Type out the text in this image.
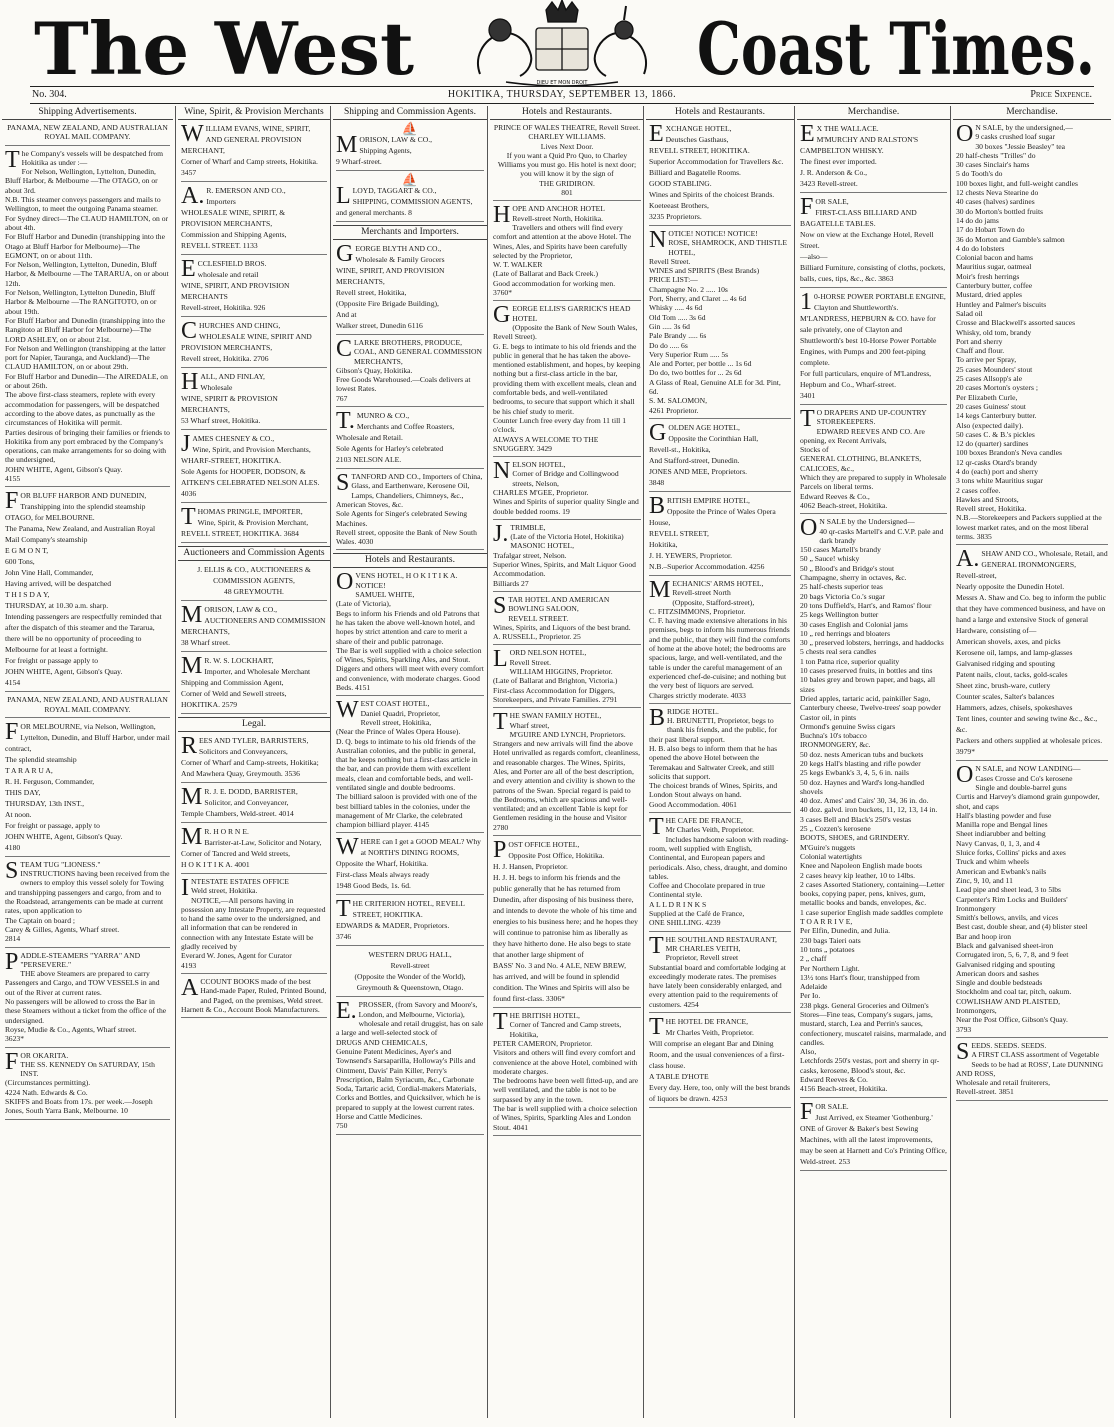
The West	Coast Times.
DIEU ET MON DROIT
No. 304.	HOKITIKA, THURSDAY, SEPTEMBER 13, 1866.	Price Sixpence.
Shipping Advertisements.
PANAMA, NEW ZEALAND, AND AUSTRALIAN ROYAL MAIL COMPANY.
The Company's vessels will be despatched from Hokitika as under :—
For Nelson, Wellington, Lyttelton, Dunedin, Bluff Harbor, & Melbourne —The OTAGO, on or about 3rd.
N.B. This steamer conveys passengers and mails to Wellington, to meet the outgoing Panama steamer.
For Sydney direct—The CLAUD HAMILTON, on or about 4th.
For Bluff Harbor and Dunedin (transhipping into the Otago at Bluff Harbor for Melbourne)—The EGMONT, on or about 11th.
For Nelson, Wellington, Lyttelton, Dunedin, Bluff Harbor, & Melbourne —The TARARUA, on or about 12th.
For Nelson, Wellington, Lyttelton Dunedin, Bluff Harbor & Melbourne —The RANGITOTO, on or about 19th.
For Bluff Harbor and Dunedin (transhipping into the Rangitoto at Bluff Harbor for Melbourne)—The LORD ASHLEY, on or about 21st.
For Nelson and Wellington (transhipping at the latter port for Napier, Tauranga, and Auckland)—The CLAUD HAMILTON, on or about 29th.
For Bluff Harbor and Dunedin—The AIREDALE, on or about 26th.
The above first-class steamers, replete with every accommodation for passengers, will be despatched according to the above dates, as punctually as the circumstances of Hokitika will permit.
Parties desirous of bringing their families or friends to Hokitika from any port embraced by the Company's operations, can make arrangements for so doing with the undersigned,
JOHN WHITE, Agent, Gibson's Quay.
4155
FOR BLUFF HARBOR AND DUNEDIN,
Transhipping into the splendid steamship OTAGO, for MELBOURNE.
The Panama, New Zealand, and Australian Royal Mail Company's steamship
E G M O N T,
600 Tons,
John Vine Hall, Commander,
Having arrived, will be despatched
T H I S D A Y,
THURSDAY, at 10.30 a.m. sharp.
Intending passengers are respectfully reminded that after the dispatch of this steamer and the Tararua, there will be no opportunity of proceeding to Melbourne for at least a fortnight.
For freight or passage apply to
JOHN WHITE, Agent, Gibson's Quay.
4154
PANAMA, NEW ZEALAND, AND AUSTRALIAN ROYAL MAIL COMPANY.
FOR MELBOURNE, via Nelson, Wellington, Lyttelton, Dunedin, and Bluff Harbor, under mail contract,
The splendid steamship
T A R A R U A,
R. H. Ferguson, Commander,
THIS DAY,
THURSDAY, 13th INST.,
At noon.
For freight or passage, apply to
JOHN WHITE, Agent, Gibson's Quay.
4180
STEAM TUG "LIONESS."
INSTRUCTIONS having been received from the owners to employ this vessel solely for Towing and transhipping passengers and cargo, from and to the Roadstead, arrangements can be made at current rates, upon application to
The Captain on board ;
Carey & Gilles, Agents, Wharf street.
2814
PADDLE-STEAMERS "YARRA" AND "PERSEVERE."
THE above Steamers are prepared to carry Passengers and Cargo, and TOW VESSELS in and out of the River at current rates.
No passengers will be allowed to cross the Bar in these Steamers without a ticket from the office of the undersigned.
Royse, Mudie & Co., Agents, Wharf street.
3623*
FOR OKARITA.
THE SS. KENNEDY On SATURDAY, 15th INST.
(Circumstances permitting).
4224 Nath. Edwards & Co.
SKIFFS and Boats from 17s. per week.—Joseph Jones, South Yarra Bank, Melbourne. 10
Wine, Spirit, & Provision Merchants
WILLIAM EVANS, WINE, SPIRIT, AND GENERAL PROVISION MERCHANT,
Corner of Wharf and Camp streets, Hokitika. 3457
A.R. EMERSON AND CO.,
Importers
WHOLESALE WINE, SPIRIT, & PROVISION MERCHANTS,
Commission and Shipping Agents,
REVELL STREET. 1133
ECCLESFIELD BROS.
wholesale and retail
WINE, SPIRIT, AND PROVISION MERCHANTS
Revell-street, Hokitika. 926
CHURCHES AND CHING, WHOLESALE WINE, SPIRIT AND PROVISION MERCHANTS,
Revell street, Hokitika. 2706
HALL, AND FINLAY,
Wholesale
WINE, SPIRIT & PROVISION MERCHANTS,
53 Wharf street, Hokitika.
JAMES CHESNEY & CO.,
Wine, Spirit, and Provision Merchants,
WHARF-STREET, HOKITIKA.
Sole Agents for HOOPER, DODSON, & AITKEN'S CELEBRATED NELSON ALES. 4036
THOMAS PRINGLE, IMPORTER,
Wine, Spirit, & Provision Merchant,
REVELL STREET, HOKITIKA. 3684
Auctioneers and Commission Agents
J. ELLIS & CO., AUCTIONEERS & COMMISSION AGENTS,
48 GREYMOUTH.
MORISON, LAW & CO., AUCTIONEERS AND COMMISSION MERCHANTS,
38 Wharf street.
MR. W. S. LOCKHART,
Importer, and Wholesale Merchant
Shipping and Commission Agent,
Corner of Weld and Sewell streets, HOKITIKA. 2579
Legal.
REES AND TYLER, BARRISTERS,
Solicitors and Conveyancers,
Corner of Wharf and Camp-streets, Hokitika; And Mawhera Quay, Greymouth. 3536
MR. J. E. DODD, BARRISTER,
Solicitor, and Conveyancer,
Temple Chambers, Weld-street. 4014
MR. H O R N E.
Barrister-at-Law, Solicitor and Notary,
Corner of Tancred and Weld streets,
H O K I T I K A. 4001
INTESTATE ESTATES OFFICE
Weld street, Hokitika.
NOTICE,—All persons having in possession any Intestate Property, are requested to hand the same over to the undersigned, and all information that can be rendered in connection with any Intestate Estate will be gladly received by
Everard W. Jones, Agent for Curator
4193
ACCOUNT BOOKS made of the best Hand-made Paper, Ruled, Printed Bound, and Paged, on the premises, Weld street.
Harnett & Co., Account Book Manufacturers.
Shipping and Commission Agents.
⛵
MORISON, LAW & CO.,
Shipping Agents,
9 Wharf-street.
⛵
LLOYD, TAGGART & CO.,
SHIPPING, COMMISSION AGENTS, and general merchants. 8
Merchants and Importers.
GEORGE BLYTH AND CO.,
Wholesale & Family Grocers
WINE, SPIRIT, AND PROVISION MERCHANTS,
Revell street, Hokitika,
(Opposite Fire Brigade Building),
And at
Walker street, Dunedin 6116
CLARKE BROTHERS, PRODUCE, COAL, AND GENERAL COMMISSION MERCHANTS,
Gibson's Quay, Hokitika.
Free Goods Warehoused.—Coals delivers at lowest Rates.
767
T.MUNRO & CO.,
Merchants and Coffee Roasters,
Wholesale and Retail.
Sole Agents for Harley's celebrated
2103 NELSON ALE.
STANFORD AND CO., Importers of China, Glass, and Earthenware, Kerosene Oil, Lamps, Chandeliers, Chimneys, &c., American Stoves, &c.
Sole Agents for Singer's celebrated Sewing Machines.
Revell street, opposite the Bank of New South Wales. 4030
Hotels and Restaurants.
OVENS HOTEL, H O K I T I K A.
NOTICE!
SAMUEL WHITE,
(Late of Victoria),
Begs to inform his Friends and old Patrons that he has taken the above well-known hotel, and hopes by strict attention and care to merit a share of their and public patronage.
The Bar is well supplied with a choice selection of Wines, Spirits, Sparkling Ales, and Stout.
Diggers and others will meet with every comfort and convenience, with moderate charges. Good Beds. 4151
WEST COAST HOTEL,
Daniel Quadri, Proprietor,
Revell street, Hokitika,
(Near the Prince of Wales Opera House).
D. Q. begs to intimate to his old friends of the Australian colonies, and the public in general, that he keeps nothing but a first-class article in the bar, and can provide them with excellent meals, clean and comfortable beds, and well-ventilated single and double bedrooms.
The billiard saloon is provided with one of the best billiard tables in the colonies, under the management of Mr Clarke, the celebrated champion billiard player. 4145
WHERE can I get a GOOD MEAL? Why at NORTH'S DINING ROOMS, Opposite the Wharf, Hokitika.
First-class Meals always ready
1948 Good Beds, 1s. 6d.
THE CRITERION HOTEL, REVELL STREET, HOKITIKA.
EDWARDS & MADER, Proprietors.
3746
WESTERN DRUG HALL,
Revell-street
(Opposite the Wonder of the World),
Greymouth & Queenstown, Otago.
E.PROSSER, (from Savory and Moore's, London, and Melbourne, Victoria), wholesale and retail druggist, has on sale a large and well-selected stock of
DRUGS AND CHEMICALS,
Genuine Patent Medicines, Ayer's and Townsend's Sarsaparilla, Holloway's Pills and Ointment, Davis' Pain Killer, Perry's Prescription, Balm Syriacum, &c., Carbonate Soda, Tartaric acid, Cordial-makers Materials, Corks and Bottles, and Quicksilver, which he is prepared to supply at the lowest current rates.
Horse and Cattle Medicines.
750
Hotels and Restaurants.
PRINCE OF WALES THEATRE, Revell Street.
CHARLEY WILLIAMS.
Lives Next Door.
If you want a Quid Pro Quo, to Charley Williams you must go. His hotel is next door; you will know it by the sign of
THE GRIDIRON.
801
HOPE AND ANCHOR HOTEL
Revell-street North, Hokitika.
Travellers and others will find every comfort and attention at the above Hotel. The Wines, Ales, and Spirits have been carefully selected by the Proprietor,
W. T. WALKER
(Late of Ballarat and Back Creek.)
Good accommodation for working men.
3760*
GEORGE ELLIS'S GARRICK'S HEAD HOTEL
(Opposite the Bank of New South Wales, Revell Street).
G. E. begs to intimate to his old friends and the public in general that he has taken the above-mentioned establishment, and hopes, by keeping nothing but a first-class article in the bar, providing them with excellent meals, clean and comfortable beds, and well-ventilated bedrooms, to secure that support which it shall be his chief study to merit.
Counter Lunch free every day from 11 till 1 o'clock.
ALWAYS A WELCOME TO THE SNUGGERY. 3429
NELSON HOTEL,
Corner of Bridge and Collingwood streets, Nelson,
CHARLES M'GEE, Proprietor.
Wines and Spirits of superior quality Single and double bedded rooms. 19
J.TRIMBLE,
(Late of the Victoria Hotel, Hokitika)
MASONIC HOTEL,
Trafalgar street, Nelson.
Superior Wines, Spirits, and Malt Liquor Good Accommodation.
Billiards 27
STAR HOTEL AND AMERICAN BOWLING SALOON,
REVELL STREET.
Wines, Spirits, and Liquors of the best brand.
A. RUSSELL, Proprietor. 25
LORD NELSON HOTEL,
Revell Street.
WILLIAM HIGGINS, Proprietor.
(Late of Ballarat and Brighton, Victoria.)
First-class Accommodation for Diggers, Storekeepers, and Private Families. 2791
THE SWAN FAMILY HOTEL,
Wharf street,
M'GUIRE AND LYNCH, Proprietors.
Strangers and new arrivals will find the above Hotel unrivalled as regards comfort, cleanliness, and reasonable charges. The Wines, Spirits, Ales, and Porter are all of the best description, and every attention and civility is shown to the patrons of the Swan. Special regard is paid to the Bedrooms, which are spacious and well-ventilated; and an excellent Table is kept for Gentlemen residing in the house and Visitor 2780
POST OFFICE HOTEL,
Opposite Post Office, Hokitika.
H. J. Hansen, Proprietor.
H. J. H. begs to inform his friends and the public generally that he has returned from Dunedin, after disposing of his business there, and intends to devote the whole of his time and energies to his business here; and he hopes they will continue to patronise him as liberally as they have hitherto done. He also begs to state that another large shipment of
BASS' No. 3 and No. 4 ALE, NEW BREW,
has arrived, and will be found in splendid condition. The Wines and Spirits will also be found first-class. 3306*
THE BRITISH HOTEL,
Corner of Tancred and Camp streets, Hokitika,
PETER CAMERON, Proprietor.
Visitors and others will find every comfort and convenience at the above Hotel, combined with moderate charges.
The bedrooms have been well fitted-up, and are well ventilated, and the table is not to be surpassed by any in the town.
The bar is well supplied with a choice selection of Wines, Spirits, Sparkling Ales and London Stout. 4041
Hotels and Restaurants.
EXCHANGE HOTEL,
Deutsches Gasthaus,
REVELL STREET, HOKITIKA.
Superior Accommodation for Travellers &c.
Billiard and Bagatelle Rooms.
GOOD STABLING.
Wines and Spirits of the choicest Brands.
Koeteeast Brothers,
3235 Proprietors.
NOTICE! NOTICE! NOTICE!
ROSE, SHAMROCK, AND THISTLE HOTEL,
Revell Street.
WINES and SPIRITS (Best Brands)
PRICE LIST:—
Champagne No. 2 ..... 10s
Port, Sherry, and Claret ... 4s 6d
Whisky ..... 4s 6d
Old Tom ..... 3s 6d
Gin ..... 3s 6d
Pale Brandy ..... 6s
Do do ..... 6s
Very Superior Rum ..... 5s
Ale and Porter, per bottle ... 1s 6d
Do do, two bottles for ... 2s 6d
A Glass of Real, Genuine ALE for 3d. Pint, 6d.
S. M. SALOMON,
4261 Proprietor.
GOLDEN AGE HOTEL,
Opposite the Corinthian Hall,
Revell-st., Hokitika,
And Stafford-street, Dunedin.
JONES AND MEE, Proprietors.
3848
BRITISH EMPIRE HOTEL,
Opposite the Prince of Wales Opera House,
REVELL STREET,
Hokitika,
J. H. YEWERS, Proprietor.
N.B.–Superior Accommodation. 4256
MECHANICS' ARMS HOTEL,
Revell-street North
(Opposite, Stafford-street),
C. FITZSIMMONS, Proprietor.
C. F. having made extensive alterations in his premises, begs to inform his numerous friends and the public, that they will find the comforts of home at the above hotel; the bedrooms are spacious, large, and well-ventilated, and the table is under the careful management of an experienced chef-de-cuisine; and nothing but the very best of liquors are served.
Charges strictly moderate. 4033
BRIDGE HOTEL.
H. BRUNETTI, Proprietor, begs to thank his friends, and the public, for their past liberal support.
H. B. also begs to inform them that he has opened the above Hotel between the Teremakau and Saltwater Creek, and still solicits that support.
The choicest brands of Wines, Spirits, and London Stout always on hand.
Good Accommodation. 4061
THE CAFE DE FRANCE,
Mr Charles Veith, Proprietor.
Includes handsome saloon with reading-room, well supplied with English, Continental, and European papers and periodicals. Also, chess, draught, and domino tables.
Coffee and Chocolate prepared in true Continental style.
A L L D R I N K S
Supplied at the Café de France,
ONE SHILLING. 4239
THE SOUTHLAND RESTAURANT,
MR CHARLES VEITH,
Proprietor, Revell street
Substantial board and comfortable lodging at exceedingly moderate rates. The premises have lately been considerably enlarged, and every attention paid to the requirements of customers. 4254
THE HOTEL DE FRANCE,
Mr Charles Veith, Proprietor.
Will comprise an elegant Bar and Dining Room, and the usual conveniences of a first-class house.
A TABLE D'HOTE
Every day. Here, too, only will the best brands of liquors be drawn. 4253
Merchandise.
EX THE WALLACE.
M'MURCHY AND RALSTON'S CAMPBELTON WHISKY.
The finest ever imported.
J. R. Anderson & Co.,
3423 Revell-street.
FOR SALE,
FIRST-CLASS BILLIARD AND BAGATELLE TABLES.
Now on view at the Exchange Hotel, Revell Street.
—also—
Billiard Furniture, consisting of cloths, pockets, balls, cues, tips, &c., &c. 3863
10-HORSE POWER PORTABLE ENGINE,
Clayton and Shuttleworth's.
M'LANDRESS, HEPBURN & CO. have for sale privately, one of Clayton and Shuttleworth's best 10-Horse Power Portable Engines, with Pumps and 200 feet-piping complete.
For full particulars, enquire of M'Landress, Hepburn and Co., Wharf-street.
3401
TO DRAPERS AND UP-COUNTRY STOREKEEPERS.
EDWARD REEVES AND CO. Are opening, ex Recent Arrivals,
Stocks of
GENERAL CLOTHING, BLANKETS, CALICOES, &c.,
Which they are prepared to supply in Wholesale Parcels on liberal terms.
Edward Reeves & Co.,
4062 Beach-street, Hokitika.
ON SALE by the Undersigned—
40 qr-casks Martell's and C.V.P. pale and dark brandy
150 cases Martell's brandy
50 „ Sauce! whisky
50 „ Blood's and Bridge's stout
Champagne, sherry in octaves, &c.
25 half-chests superior teas
20 bags Victoria Co.'s sugar
20 tons Duffield's, Hart's, and Ramos' flour
25 kegs Wellington butter
30 cases English and Colonial jams
10 „ red herrings and bloaters
30 „ preserved lobsters, herrings, and haddocks
5 chests real sera candles
1 ton Patna rice, superior quality
10 cases preserved fruits, in bottles and tins
10 bales grey and brown paper, and bags, all sizes
Dried apples, tartaric acid, painkiller Sago, Canterbury cheese, Twelve-trees' soap powder
Castor oil, in pints
Ormond's genuine Swiss cigars
Buchna's 10's tobacco
IRONMONGERY, &c.
50 doz. nests American tubs and buckets
20 kegs Hall's blasting and rifle powder
25 kegs Ewbank's 3, 4, 5, 6 in. nails
50 doz. Haynes and Ward's long-handled shovels
40 doz. Ames' and Cairs' 30, 34, 36 in. do.
40 doz. galvd. iron buckets, 11, 12, 13, 14 in.
3 cases Bell and Black's 250's vestas
25 „ Cozzen's kerosene
BOOTS, SHOES, and GRINDERY.
M'Guire's nuggets
Colonial watertights
Knee and Napoleon English made boots
2 cases heavy kip leather, 10 to 14lbs.
2 cases Assorted Stationery, containing—Letter books, copying paper, pens, knives, gum, metallic books and bands, envelopes, &c.
1 case superior English made saddles complete
T O A R R I V E,
Per Elfin, Dunedin, and Julia.
230 bags Taieri oats
10 tons „ potatoes
2 „ chaff
Per Northern Light.
13½ tons Hart's flour, transhipped from Adelaide
Per Io.
238 pkgs. General Groceries and Oilmen's Stores—Fine teas, Company's sugars, jams, mustard, starch, Lea and Perrin's sauces, confectionery, muscatel raisins, marmalade, and candles.
Also,
Letchfords 250's vestas, port and sherry in qr-casks, kerosene, Blood's stout, &c.
Edward Reeves & Co.
4156 Beach-street, Hokitika.
FOR SALE.
Just Arrived, ex Steamer 'Gothenburg.'
ONE of Grover & Baker's best Sewing Machines, with all the latest improvements, may be seen at Harnett and Co's Printing Office, Weld-street. 253
Merchandise.
ON SALE, by the undersigned,—
9 casks crushed loaf sugar
30 boxes "Jessie Beasley" tea
20 half-chests "Trilles" do
30 cases Sinclair's hams
5 do Tooth's do
100 boxes light, and full-weight candles
12 chests Neva Stearine do
40 cases (halves) sardines
30 do Morton's bottled fruits
14 do do jams
17 do Hobart Town do
36 do Morton and Gamble's salmon
4 do do lobsters
Colonial bacon and hams
Mauritius sugar, oatmeal
Moir's fresh herrings
Canterbury butter, coffee
Mustard, dried apples
Huntley and Palmer's biscuits
Salad oil
Crosse and Blackwell's assorted sauces
Whisky, old tom, brandy
Port and sherry
Chaff and flour.
To arrive per Spray,
25 cases Mounders' stout
25 cases Allsopp's ale
20 cases Morton's oysters ;
Per Elizabeth Curle,
20 cases Guiness' stout
14 kegs Canterbury butter.
Also (expected daily).
50 cases C. & B.'s pickles
12 do (quarter) sardines
100 boxes Brandon's Neva candles
12 qr-casks Otard's brandy
4 do (each) port and sherry
3 tons white Mauritius sugar
2 cases coffee.
Hawkes and Stroots,
Revell street, Hokitika.
N.B.—Storekeepers and Packers supplied at the lowest market rates, and on the most liberal terms. 3835
A.SHAW AND CO., Wholesale, Retail, and GENERAL IRONMONGERS,
Revell-street,
Nearly opposite the Dunedin Hotel.
Messrs A. Shaw and Co. beg to inform the public that they have commenced business, and have on hand a large and extensive Stock of general Hardware, consisting of—
American shovels, axes, and picks
Kerosene oil, lamps, and lamp-glasses
Galvanised ridging and spouting
Patent nails, clout, tacks, gold-scales
Sheet zinc, brush-ware, cutlery
Counter scales, Salter's balances
Hammers, adzes, chisels, spokeshaves
Tent lines, counter and sewing twine &c., &c., &c.
Packers and others supplied at wholesale prices. 3979*
ON SALE, and NOW LANDING—
Cases Crosse and Co's kerosene
Single and double-barrel guns
Curtis and Harvey's diamond grain gunpowder, shot, and caps
Hall's blasting powder and fuse
Manilla rope and Bengal lines
Sheet indiarubber and belting
Navy Canvas, 0, 1, 3, and 4
Sluice forks, Collins' picks and axes
Truck and whim wheels
American and Ewbank's nails
Zinc, 9, 10, and 11
Lead pipe and sheet lead, 3 to 5lbs
Carpenter's Rim Locks and Builders' Ironmongery
Smith's bellows, anvils, and vices
Best cast, double shear, and (4) blister steel
Bar and hoop iron
Black and galvanised sheet-iron
Corrugated iron, 5, 6, 7, 8, and 9 feet
Galvanised ridging and spouting
American doors and sashes
Single and double bedsteads
Stockholm and coal tar, pitch, oakum.
COWLISHAW AND PLAISTED,
Ironmongers,
Near the Post Office, Gibson's Quay.
3793
SEEDS. SEEDS. SEEDS.
A FIRST CLASS assortment of Vegetable Seeds to be had at ROSS', Late DUNNING AND ROSS,
Wholesale and retail fruiterers,
Revell-street. 3851
